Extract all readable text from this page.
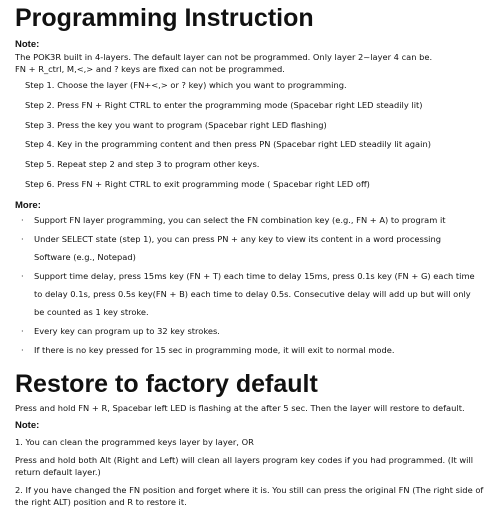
Programming Instruction
Note:
The POK3R built in 4-layers. The default layer can not be programmed. Only layer 2~layer 4 can be.
FN + R_ctrl, M,<,> and ? keys are fixed can not be programmed.
Step 1. Choose the layer (FN+<,> or ? key) which you want to programming.
Step 2. Press FN + Right CTRL to enter the programming mode (Spacebar right LED steadily lit)
Step 3. Press the key you want to program (Spacebar right LED flashing)
Step 4. Key in the programming content and then press PN (Spacebar right LED steadily lit again)
Step 5. Repeat step 2 and step 3 to program other keys.
Step 6. Press FN + Right CTRL to exit programming mode ( Spacebar right LED off)
More:
· Support FN layer programming, you can select the FN combination key (e.g., FN + A) to program it
· Under SELECT state (step 1), you can press PN + any key to view its content in a word processing
Software (e.g., Notepad)
· Support time delay, press 15ms key (FN + T) each time to delay 15ms, press 0.1s key (FN + G) each time
to delay 0.1s, press 0.5s key(FN + B) each time to delay 0.5s. Consecutive delay will add up but will only
be counted as 1 key stroke.
· Every key can program up to 32 key strokes.
· If there is no key pressed for 15 sec in programming mode, it will exit to normal mode.
Restore to factory default
Press and hold FN + R, Spacebar left LED is flashing at the after 5 sec. Then the layer will restore to default.
Note:
1. You can clean the programmed keys layer by layer, OR
Press and hold both Alt (Right and Left) will clean all layers program key codes if you had programmed. (It will
return default layer.)
2. If you have changed the FN position and forget where it is. You still can press the original FN (The right side of
the right ALT) position and R to restore it.
